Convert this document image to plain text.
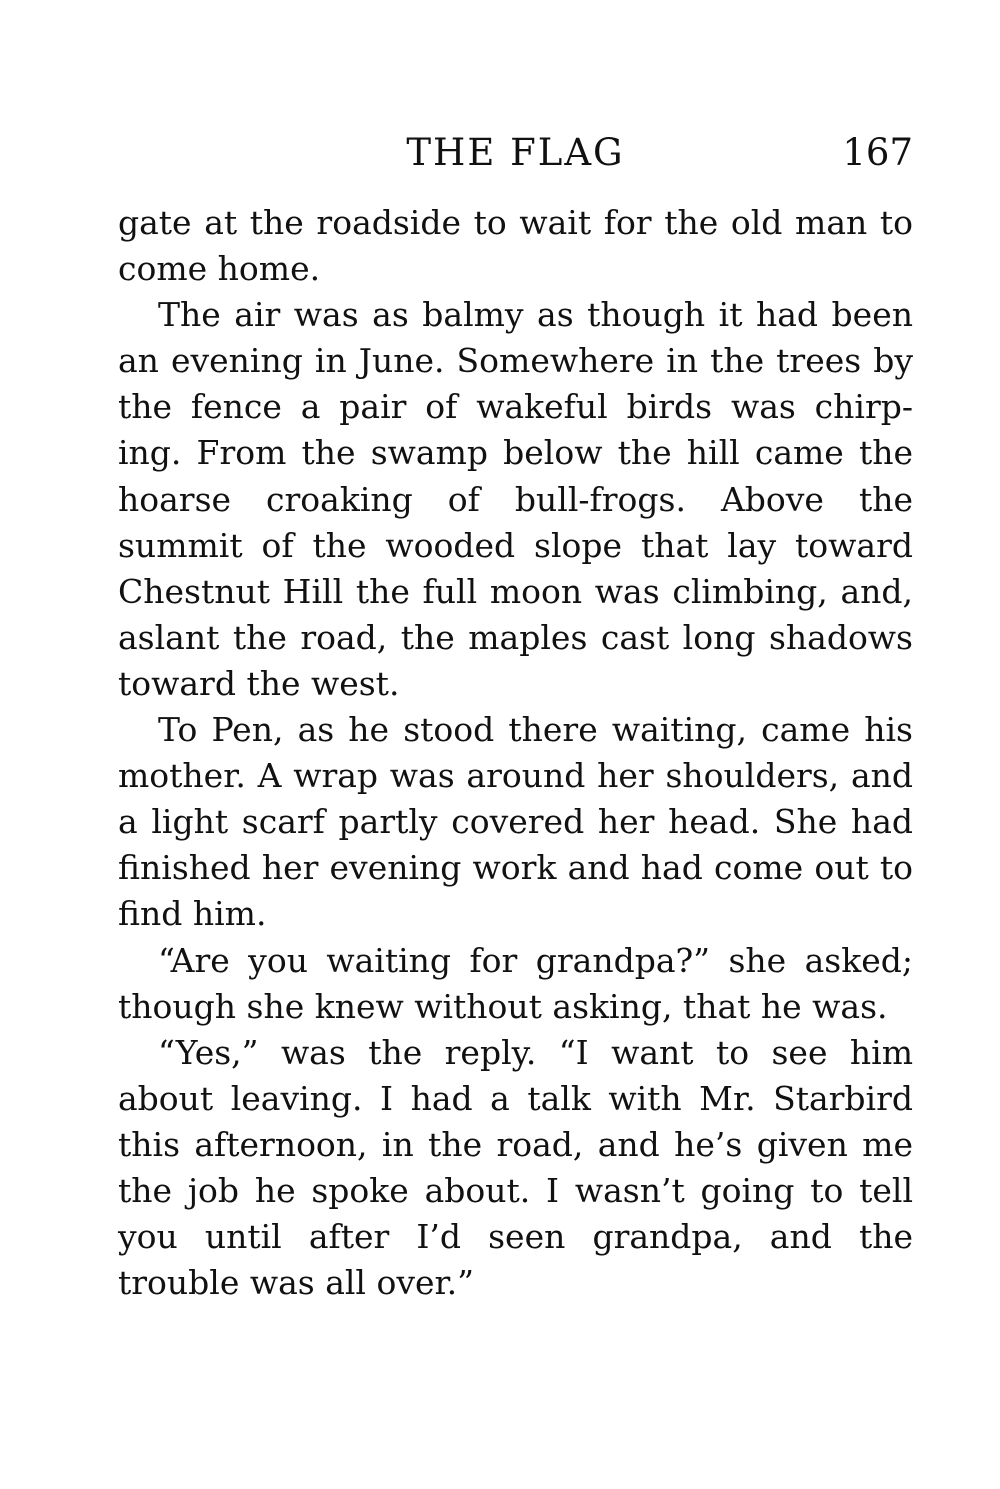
THE FLAG	167

gate at the roadside to wait for the old man to come home.

The air was as balmy as though it had been an evening in June. Somewhere in the trees by the fence a pair of wakeful birds was chirp- ing. From the swamp below the hill came the hoarse croaking of bull-frogs. Above the summit of the wooded slope that lay toward Chestnut Hill the full moon was climbing, and, aslant the road, the maples cast long shadows toward the west.

To Pen, as he stood there waiting, came his mother. A wrap was around her shoulders, and a light scarf partly covered her head. She had finished her evening work and had come out to find him.

“Are you waiting for grandpa?” she asked; though she knew without asking, that he was.

“Yes,” was the reply. “I want to see him about leaving. I had a talk with Mr. Starbird this afternoon, in the road, and he’s given me the job he spoke about. I wasn’t going to tell you until after I’d seen grandpa, and the trouble was all over.”
